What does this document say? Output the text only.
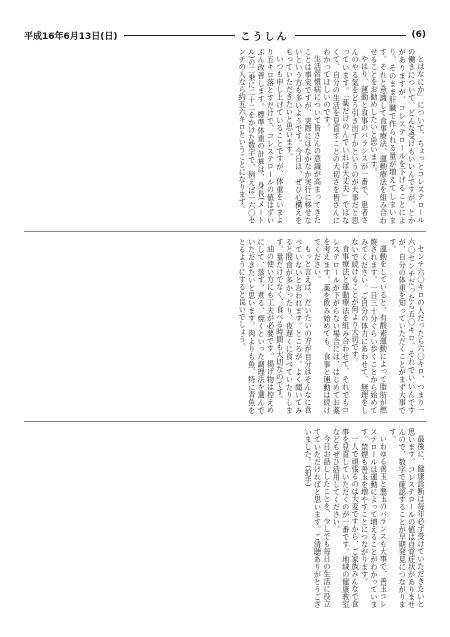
平成16年6月13日(日)	こうしん	(6)

とはなにか」について、ちょっとコレステロールの働きについて、どんな受けもいいんですが、とかがありますが、コレステロールを下げることにより、そのまま肝臓で作られる量が増えてしまいます。それと意識して食事療法、運動療法を組み合わせることをお勧めしたいと思います。

やはり、運動と食事のバランスが一番で、患者さんのやる気をどう引き出すかというのが大事だと思っています。「薬だけのんでいれば大丈夫」ではなくて、自分の生活を見直すことの大切さを皆さんにわかってほしいのです。

生活習慣病について皆さんの意識が高まってきたことは事実ですが、実際にはなかなか実行に移せないという方も多いようです。今日は、ぜひ心構えをもっていただきたいと思います。

いつも申し上げていることですが、体重をいまより五キロ落とすだけで、コレステロールの値はずいぶん改善します。標準体重の計算は、身長(メートル)の二乗に二十二をかけた数字で、例えば一六〇センチの人なら約五六キロということになります。

センチ六〇キロの人だったら六〇キロ、つまり一六〇センチだったら五〇キロ、それでいいんですが、自分の体重を知っていただくことがまず大事です。

運動をしていると、有酸素運動によって脂肪が燃焼されます。一日三十分ぐらい歩くことから始めてみてください。ご自分の体力にあわせて、無理をしないで続けることが何より大切です。

食事療法と運動療法を組み合わせて、それでもコレステロールが下がらない場合には、はじめてお薬を考えます。薬を飲み始めても、食事と運動は続けてください。

もっと言えば、だいたいの方が自分はそんなに食べていないと言われます。ところが、よく聞いてみると間食が多かったり、夜遅くに食べていたりします。量だけでなく、食べる時間も大切なのです。

油の使い方にも工夫が必要です。揚げ物は控えめにして、蒸す、煮る、焼くといった調理法を選んでいただきたいと思います。肉よりも魚、特に青魚をとるようにすると良いでしょう。

最後に、健康診断は毎年必ず受けていただきたいと思います。コレステロールの値は自覚症状がありませんので、数字で確認することが早期発見につながります。

いわゆる善玉と悪玉のバランスも大事で、善玉コレステロールは運動によって増えることがわかっています。禁煙も善玉を増やすことにつながります。

一人で頑張るのは大変ですから、ご家族みんなで食事を見直していただくのが一番です。地域の健康教室などもぜひ活用してください。

今日お話ししたことを、少しでも毎日の生活に役立てていただければと思います。ご清聴ありがとうございました。(拍手)
